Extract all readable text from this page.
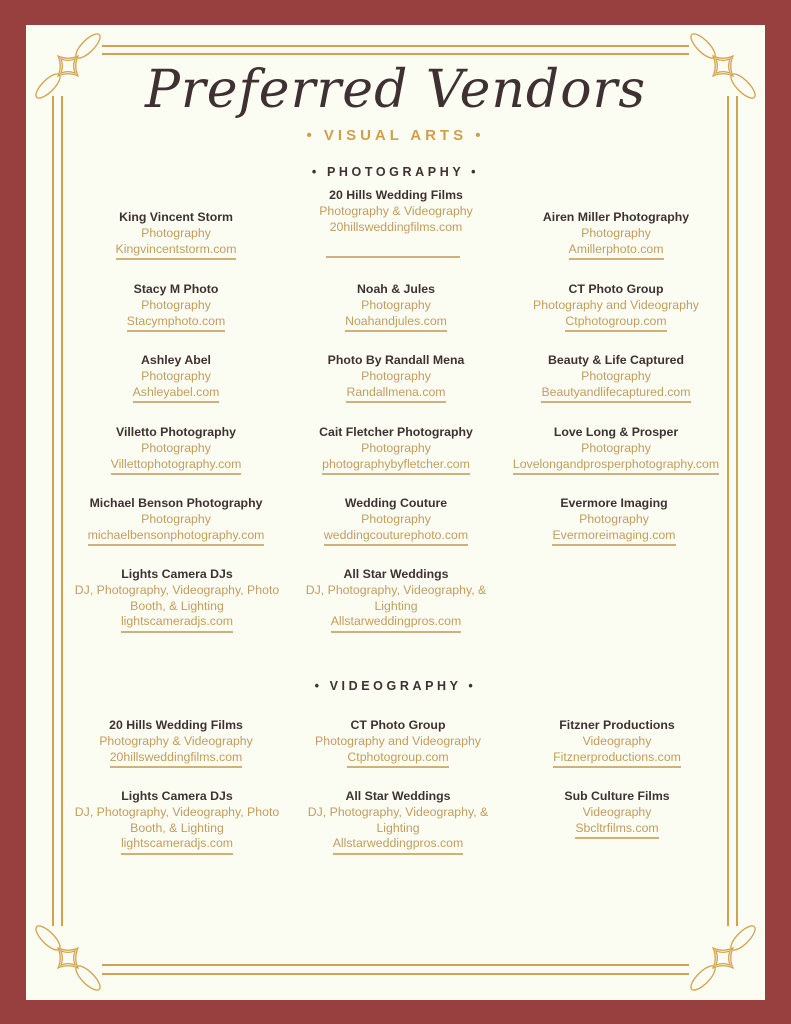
Preferred Vendors
• VISUAL ARTS •
• PHOTOGRAPHY •
King Vincent Storm
Photography
Kingvincentstorm.com
20 Hills Wedding Films
Photography & Videography
20hillsweddingfilms.com
Airen Miller Photography
Photography
Amillerphoto.com
Stacy M Photo
Photography
Stacymphoto.com
Noah & Jules
Photography
Noahandjules.com
CT Photo Group
Photography and Videography
Ctphotogroup.com
Ashley Abel
Photography
Ashleyabel.com
Photo By Randall Mena
Photography
Randallmena.com
Beauty & Life Captured
Photography
Beautyandlifecaptured.com
Villetto Photography
Photography
Villettophotography.com
Cait Fletcher Photography
Photography
photographybyfletcher.com
Love Long & Prosper
Photography
Lovelongandprosperphotography.com
Michael Benson Photography
Photography
michaelbensonphotography.com
Wedding Couture
Photography
weddingcouturephoto.com
Evermore Imaging
Photography
Evermoreimaging.com
Lights Camera DJs
DJ, Photography, Videography, Photo Booth, & Lighting
lightscameradjs.com
All Star Weddings
DJ, Photography, Videography, & Lighting
Allstarweddingpros.com
• VIDEOGRAPHY •
20 Hills Wedding Films
Photography & Videography
20hillsweddingfilms.com
CT Photo Group
Photography and Videography
Ctphotogroup.com
Fitzner Productions
Videography
Fitznerproductions.com
Lights Camera DJs
DJ, Photography, Videography, Photo Booth, & Lighting
lightscameradjs.com
All Star Weddings
DJ, Photography, Videography, & Lighting
Allstarweddingpros.com
Sub Culture Films
Videography
Sbcltrfilms.com
